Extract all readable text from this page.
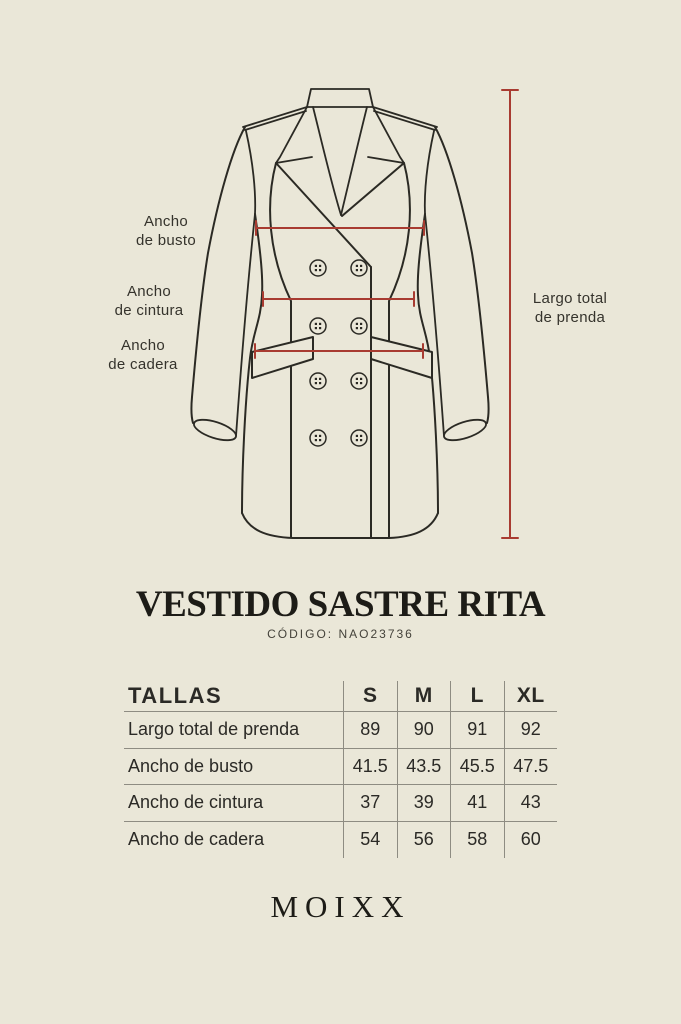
Ancho
de busto
Ancho
de cintura
Ancho
de cadera
Largo total
de prenda
VESTIDO SASTRE RITA
CÓDIGO: NAO23736
TALLAS	S	M	L	XL
Largo total de prenda	89	90	91	92
Ancho de busto	41.5	43.5	45.5	47.5
Ancho de cintura	37	39	41	43
Ancho de cadera	54	56	58	60
MOIXX
